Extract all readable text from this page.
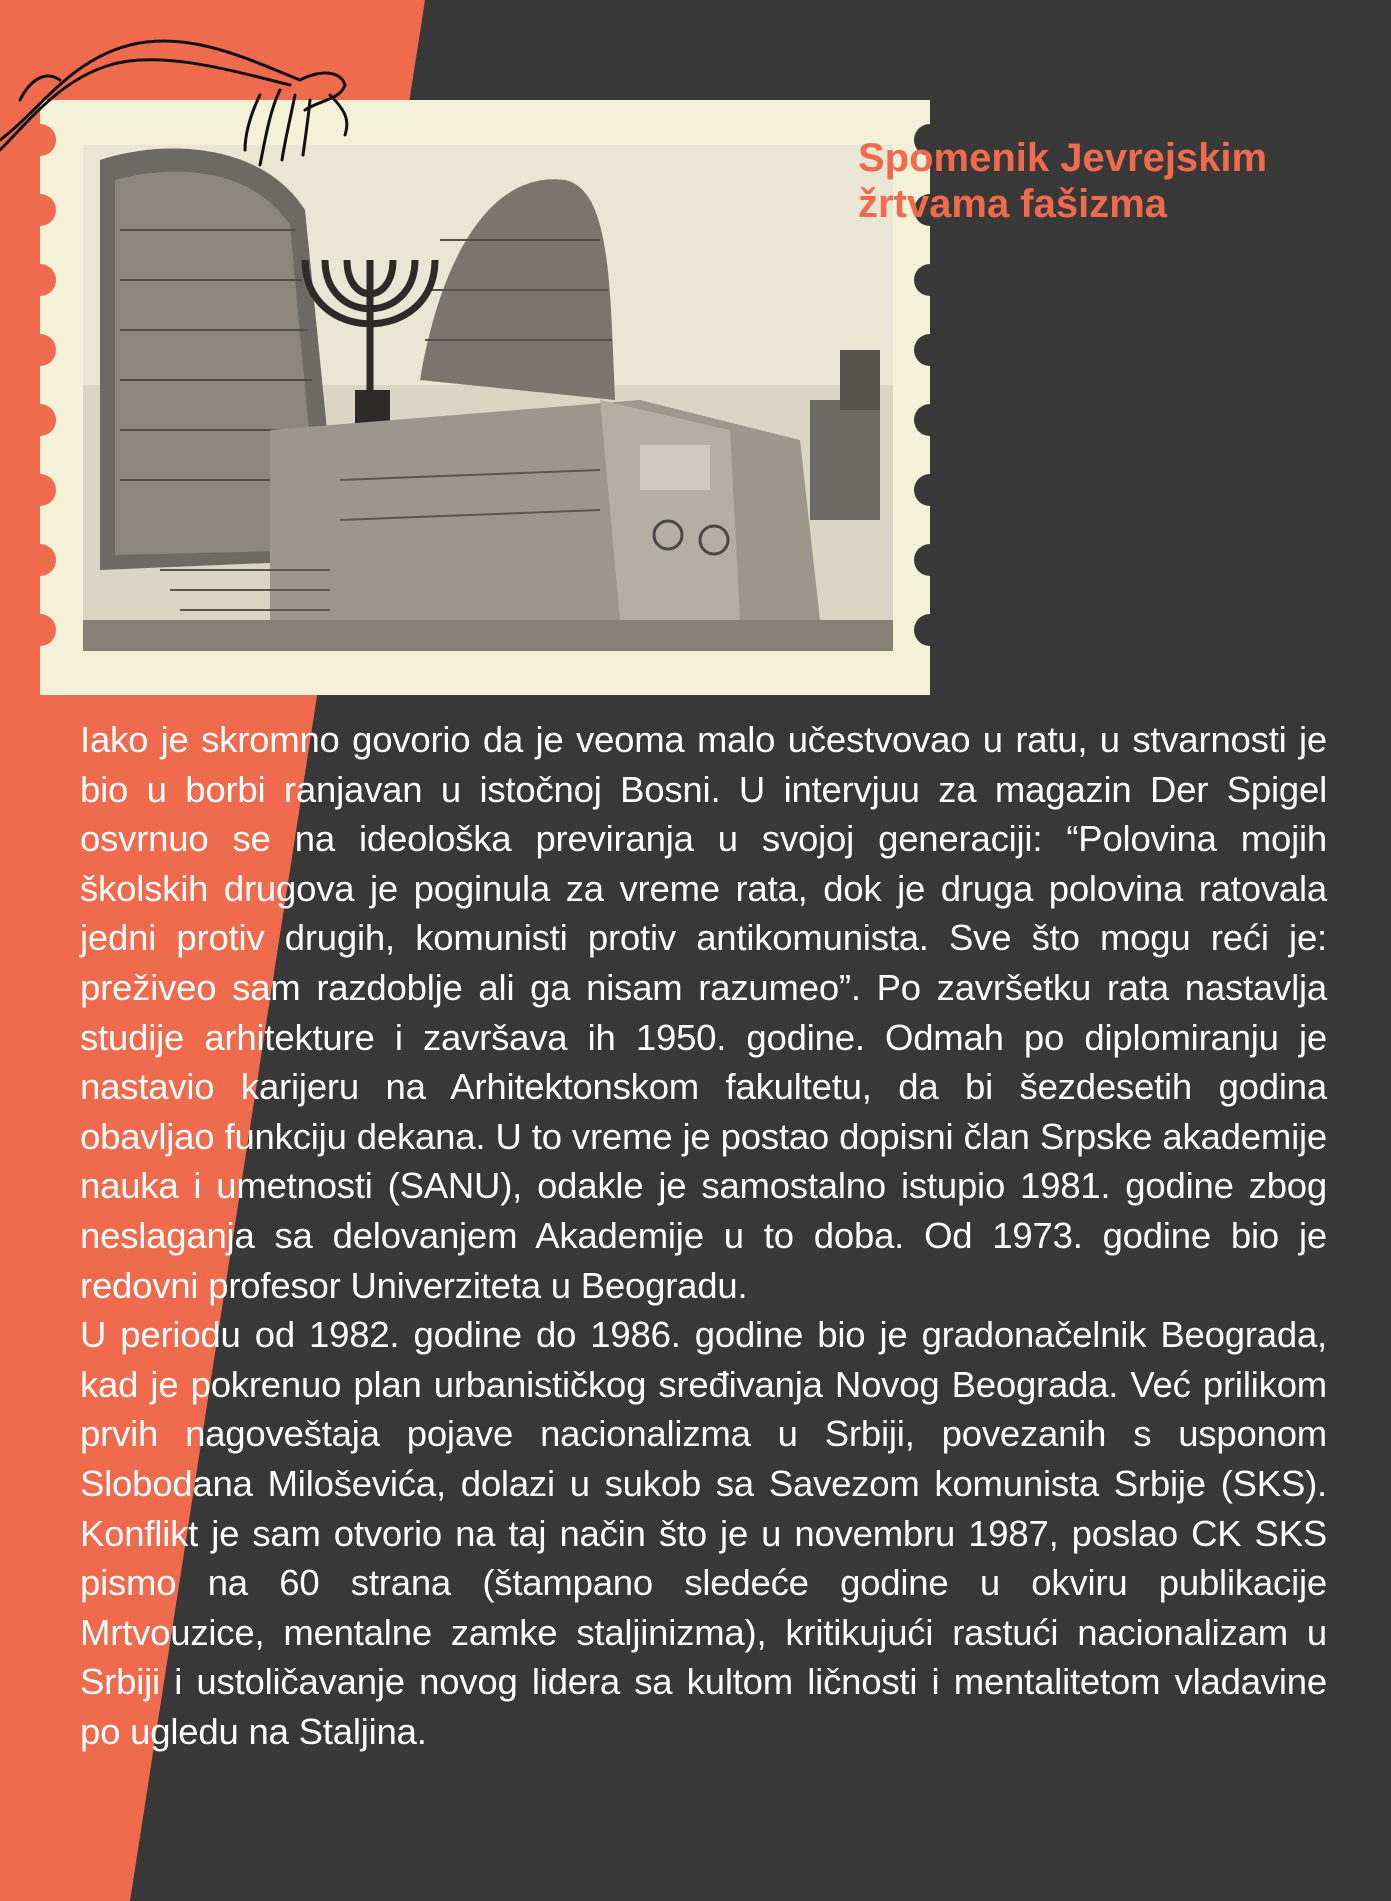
Spomenik Jevrejskim
žrtvama fašizma

Iako je skromno govorio da je veoma malo učestvovao u ratu, u stvarnosti je bio u borbi ranjavan u istočnoj Bosni. U intervjuu za magazin Der Spigel osvrnuo se na ideološka previranja u svojoj generaciji: “Polovina mojih školskih drugova je poginula za vreme rata, dok je druga polovina ratovala jedni protiv drugih, komunisti protiv antikomunista. Sve što mogu reći je: preživeo sam razdoblje ali ga nisam razumeo”. Po završetku rata nastavlja studije arhitekture i završava ih 1950. godine. Odmah po diplomiranju je nastavio karijeru na Arhitektonskom fakultetu, da bi šezdesetih godina obavljao funkciju dekana. U to vreme je postao dopisni član Srpske akademije nauka i umetnosti (SANU), odakle je samostalno istupio 1981. godine zbog neslaganja sa delovanjem Akademije u to doba. Od 1973. godine bio je redovni profesor Univerziteta u Beogradu.

U periodu od 1982. godine do 1986. godine bio je gradonačelnik Beograda, kad je pokrenuo plan urbanističkog sređivanja Novog Beograda. Već prilikom prvih nagoveštaja pojave nacionalizma u Srbiji, povezanih s usponom Slobodana Miloševića, dolazi u sukob sa Savezom komunista Srbije (SKS). Konflikt je sam otvorio na taj način što je u novembru 1987, poslao CK SKS pismo na 60 strana (štampano sledeće godine u okviru publikacije Mrtvouzice, mentalne zamke staljinizma), kritikujući rastući nacionalizam u Srbiji i ustoličavanje novog lidera sa kultom ličnosti i mentalitetom vladavine po ugledu na Staljina.
